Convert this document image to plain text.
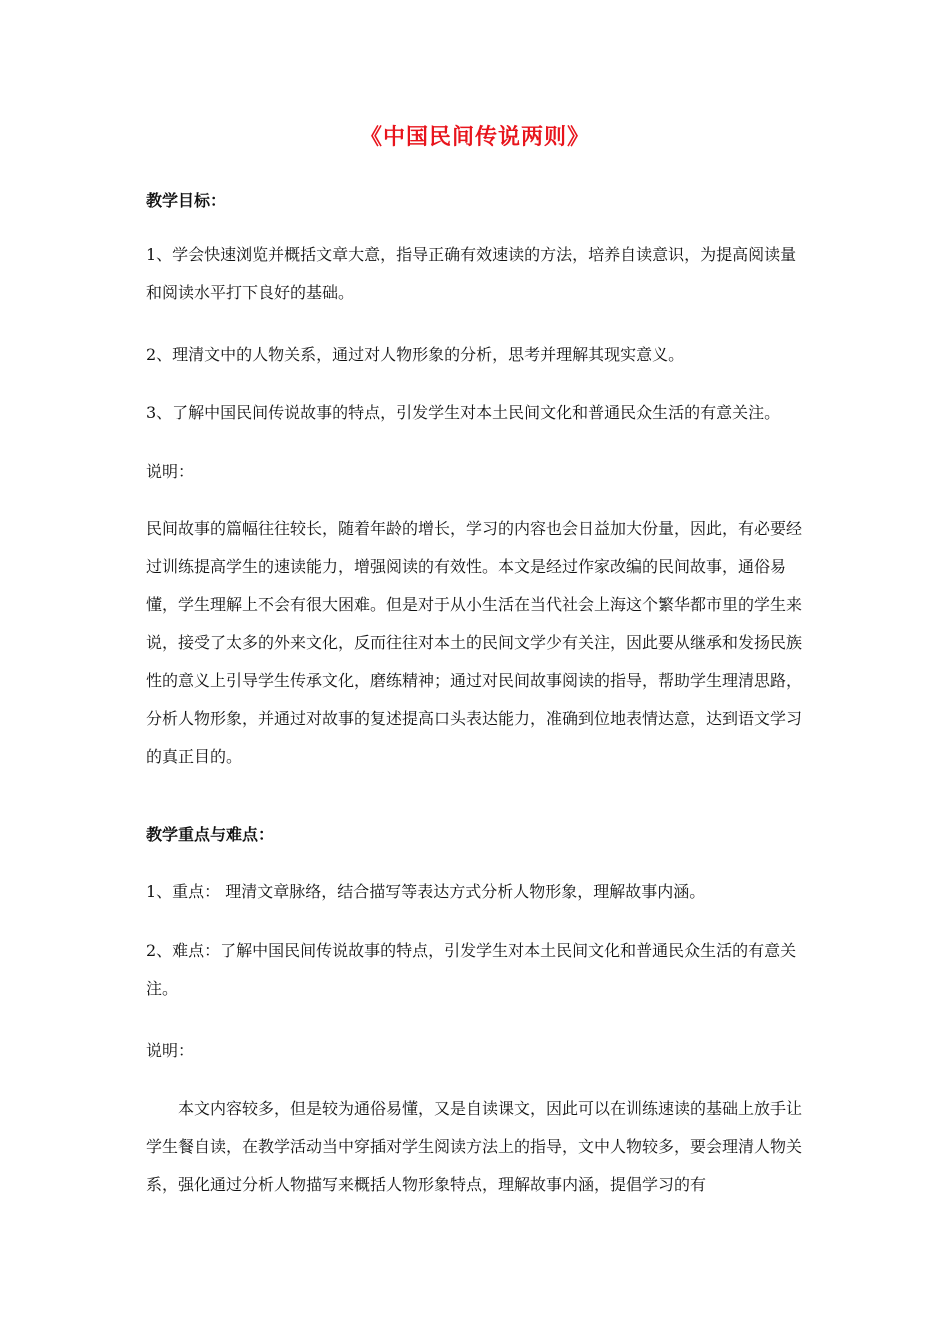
《中国民间传说两则》
教学目标：
1、学会快速浏览并概括文章大意，指导正确有效速读的方法，培养自读意识，为提高阅读量和阅读水平打下良好的基础。
2、理清文中的人物关系，通过对人物形象的分析，思考并理解其现实意义。
3、了解中国民间传说故事的特点，引发学生对本土民间文化和普通民众生活的有意关注。
说明：
民间故事的篇幅往往较长，随着年龄的增长，学习的内容也会日益加大份量，因此，有必要经过训练提高学生的速读能力，增强阅读的有效性。本文是经过作家改编的民间故事，通俗易懂，学生理解上不会有很大困难。但是对于从小生活在当代社会上海这个繁华都市里的学生来说，接受了太多的外来文化，反而往往对本土的民间文学少有关注，因此要从继承和发扬民族性的意义上引导学生传承文化，磨练精神；通过对民间故事阅读的指导，帮助学生理清思路，分析人物形象，并通过对故事的复述提高口头表达能力，准确到位地表情达意，达到语文学习的真正目的。
教学重点与难点：
1、重点： 理清文章脉络，结合描写等表达方式分析人物形象，理解故事内涵。
2、难点：了解中国民间传说故事的特点，引发学生对本土民间文化和普通民众生活的有意关注。
说明：
本文内容较多，但是较为通俗易懂，又是自读课文，因此可以在训练速读的基础上放手让学生餐自读，在教学活动当中穿插对学生阅读方法上的指导，文中人物较多，要会理清人物关系，强化通过分析人物描写来概括人物形象特点，理解故事内涵，提倡学习的有
